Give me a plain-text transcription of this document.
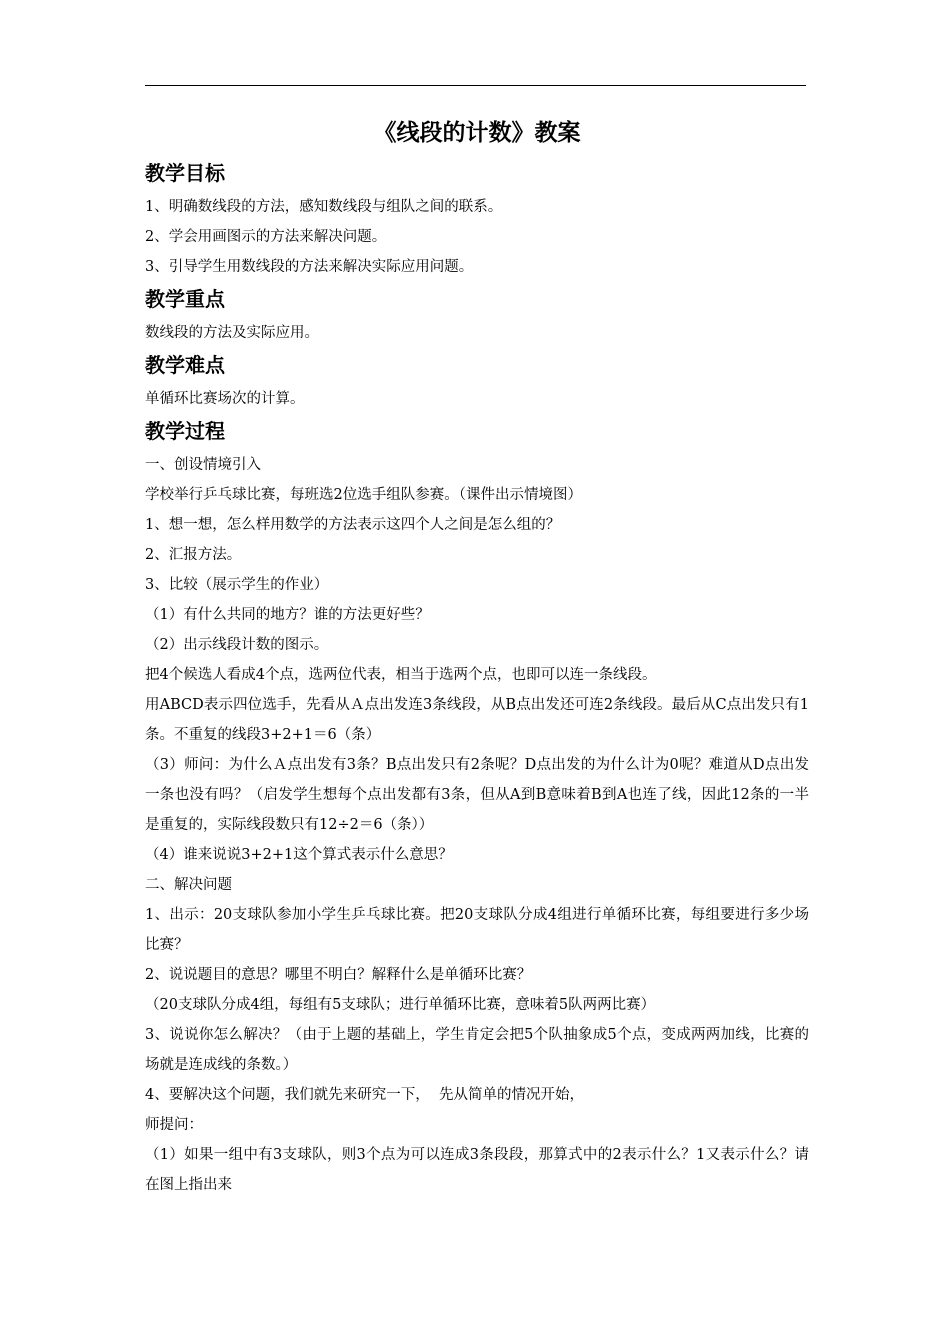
《线段的计数》教案
教学目标

1、明确数线段的方法，感知数线段与组队之间的联系。

2、学会用画图示的方法来解决问题。

3、引导学生用数线段的方法来解决实际应用问题。

教学重点

数线段的方法及实际应用。

教学难点

单循环比赛场次的计算。

教学过程

一、创设情境引入

学校举行乒乓球比赛，每班选2位选手组队参赛。（课件出示情境图）

1、想一想，怎么样用数学的方法表示这四个人之间是怎么组的？

2、汇报方法。

3、比较（展示学生的作业）

（1）有什么共同的地方？谁的方法更好些？

（2）出示线段计数的图示。

把4个候选人看成4个点，选两位代表，相当于选两个点，也即可以连一条线段。

用ABCD表示四位选手，先看从Ａ点出发连3条线段，从B点出发还可连2条线段。最后从C点出发只有1条。不重复的线段3+2+1＝6（条）

（3）师问：为什么Ａ点出发有3条？B点出发只有2条呢？D点出发的为什么计为0呢？难道从D点出发一条也没有吗？（启发学生想每个点出发都有3条，但从A到B意味着B到A也连了线，因此12条的一半是重复的，实际线段数只有12÷2＝6（条））

（4）谁来说说3+2+1这个算式表示什么意思？

二、解决问题

1、出示：20支球队参加小学生乒乓球比赛。把20支球队分成4组进行单循环比赛，每组要进行多少场比赛？

2、说说题目的意思？哪里不明白？解释什么是单循环比赛？

（20支球队分成4组，每组有5支球队；进行单循环比赛，意味着5队两两比赛）

3、说说你怎么解决？（由于上题的基础上，学生肯定会把5个队抽象成5个点，变成两两加线，比赛的场就是连成线的条数。）

4、要解决这个问题，我们就先来研究一下，  先从简单的情况开始，

师提问：

（1）如果一组中有3支球队，则3个点为可以连成3条段段，那算式中的2表示什么？1又表示什么？请在图上指出来
